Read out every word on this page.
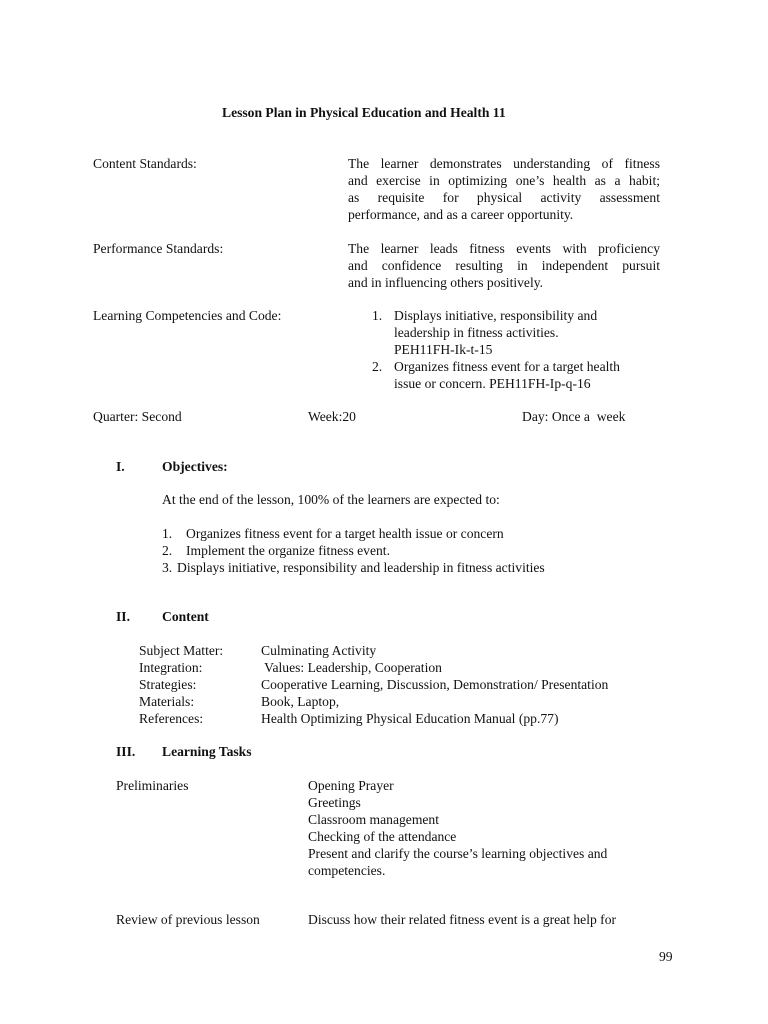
Lesson Plan in Physical Education and Health 11
Content Standards:	The learner demonstrates understanding of fitness
and exercise in optimizing one’s health as a habit;
as requisite for physical activity assessment
performance, and as a career opportunity.
Performance Standards:	The learner leads fitness events with proficiency
and confidence resulting in independent pursuit
and in influencing others positively.
Learning Competencies and Code:	1. Displays initiative, responsibility and
leadership in fitness activities.
PEH11FH-Ik-t-15
2. Organizes fitness event for a target health
issue or concern. PEH11FH-Ip-q-16
Quarter: Second	Week:20	Day: Once a  week
I.	Objectives:
At the end of the lesson, 100% of the learners are expected to:
1. Organizes fitness event for a target health issue or concern
2. Implement the organize fitness event.
3. Displays initiative, responsibility and leadership in fitness activities
II. Content
Subject Matter:	Culminating Activity
Integration:	Values: Leadership, Cooperation
Strategies:	Cooperative Learning, Discussion, Demonstration/ Presentation
Materials:	Book, Laptop,
References:	Health Optimizing Physical Education Manual (pp.77)
III. Learning Tasks
Preliminaries	Opening Prayer
Greetings
Classroom management
Checking of the attendance
Present and clarify the course’s learning objectives and
competencies.
Review of previous lesson	Discuss how their related fitness event is a great help for
99
